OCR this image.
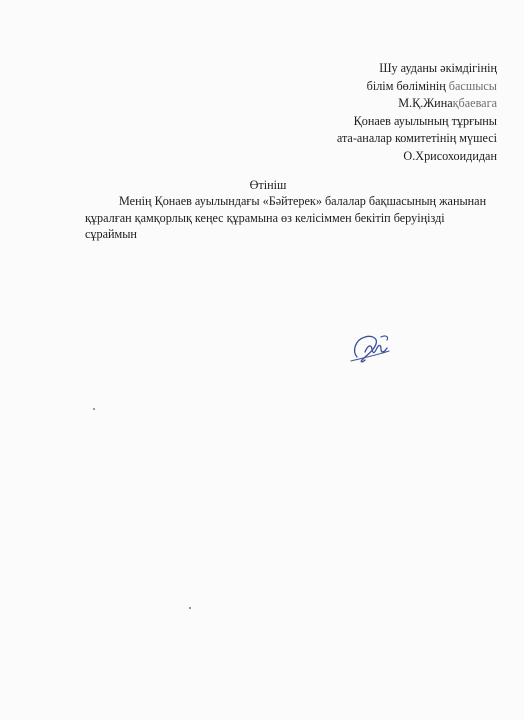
Шу ауданы әкімдігінің
білім бөлімінің басшысы
М.Қ.Жинақбаевага
Қонаев ауылының тұрғыны
ата-аналар комитетінің мүшесі
О.Хрисохоидидан
Өтініш
Менің Қонаев ауылындағы «Бәйтерек» балалар бақшасының жанынан
құралған қамқорлық кеңес құрамына өз келісіммен бекітіп беруіңізді
сұраймын
